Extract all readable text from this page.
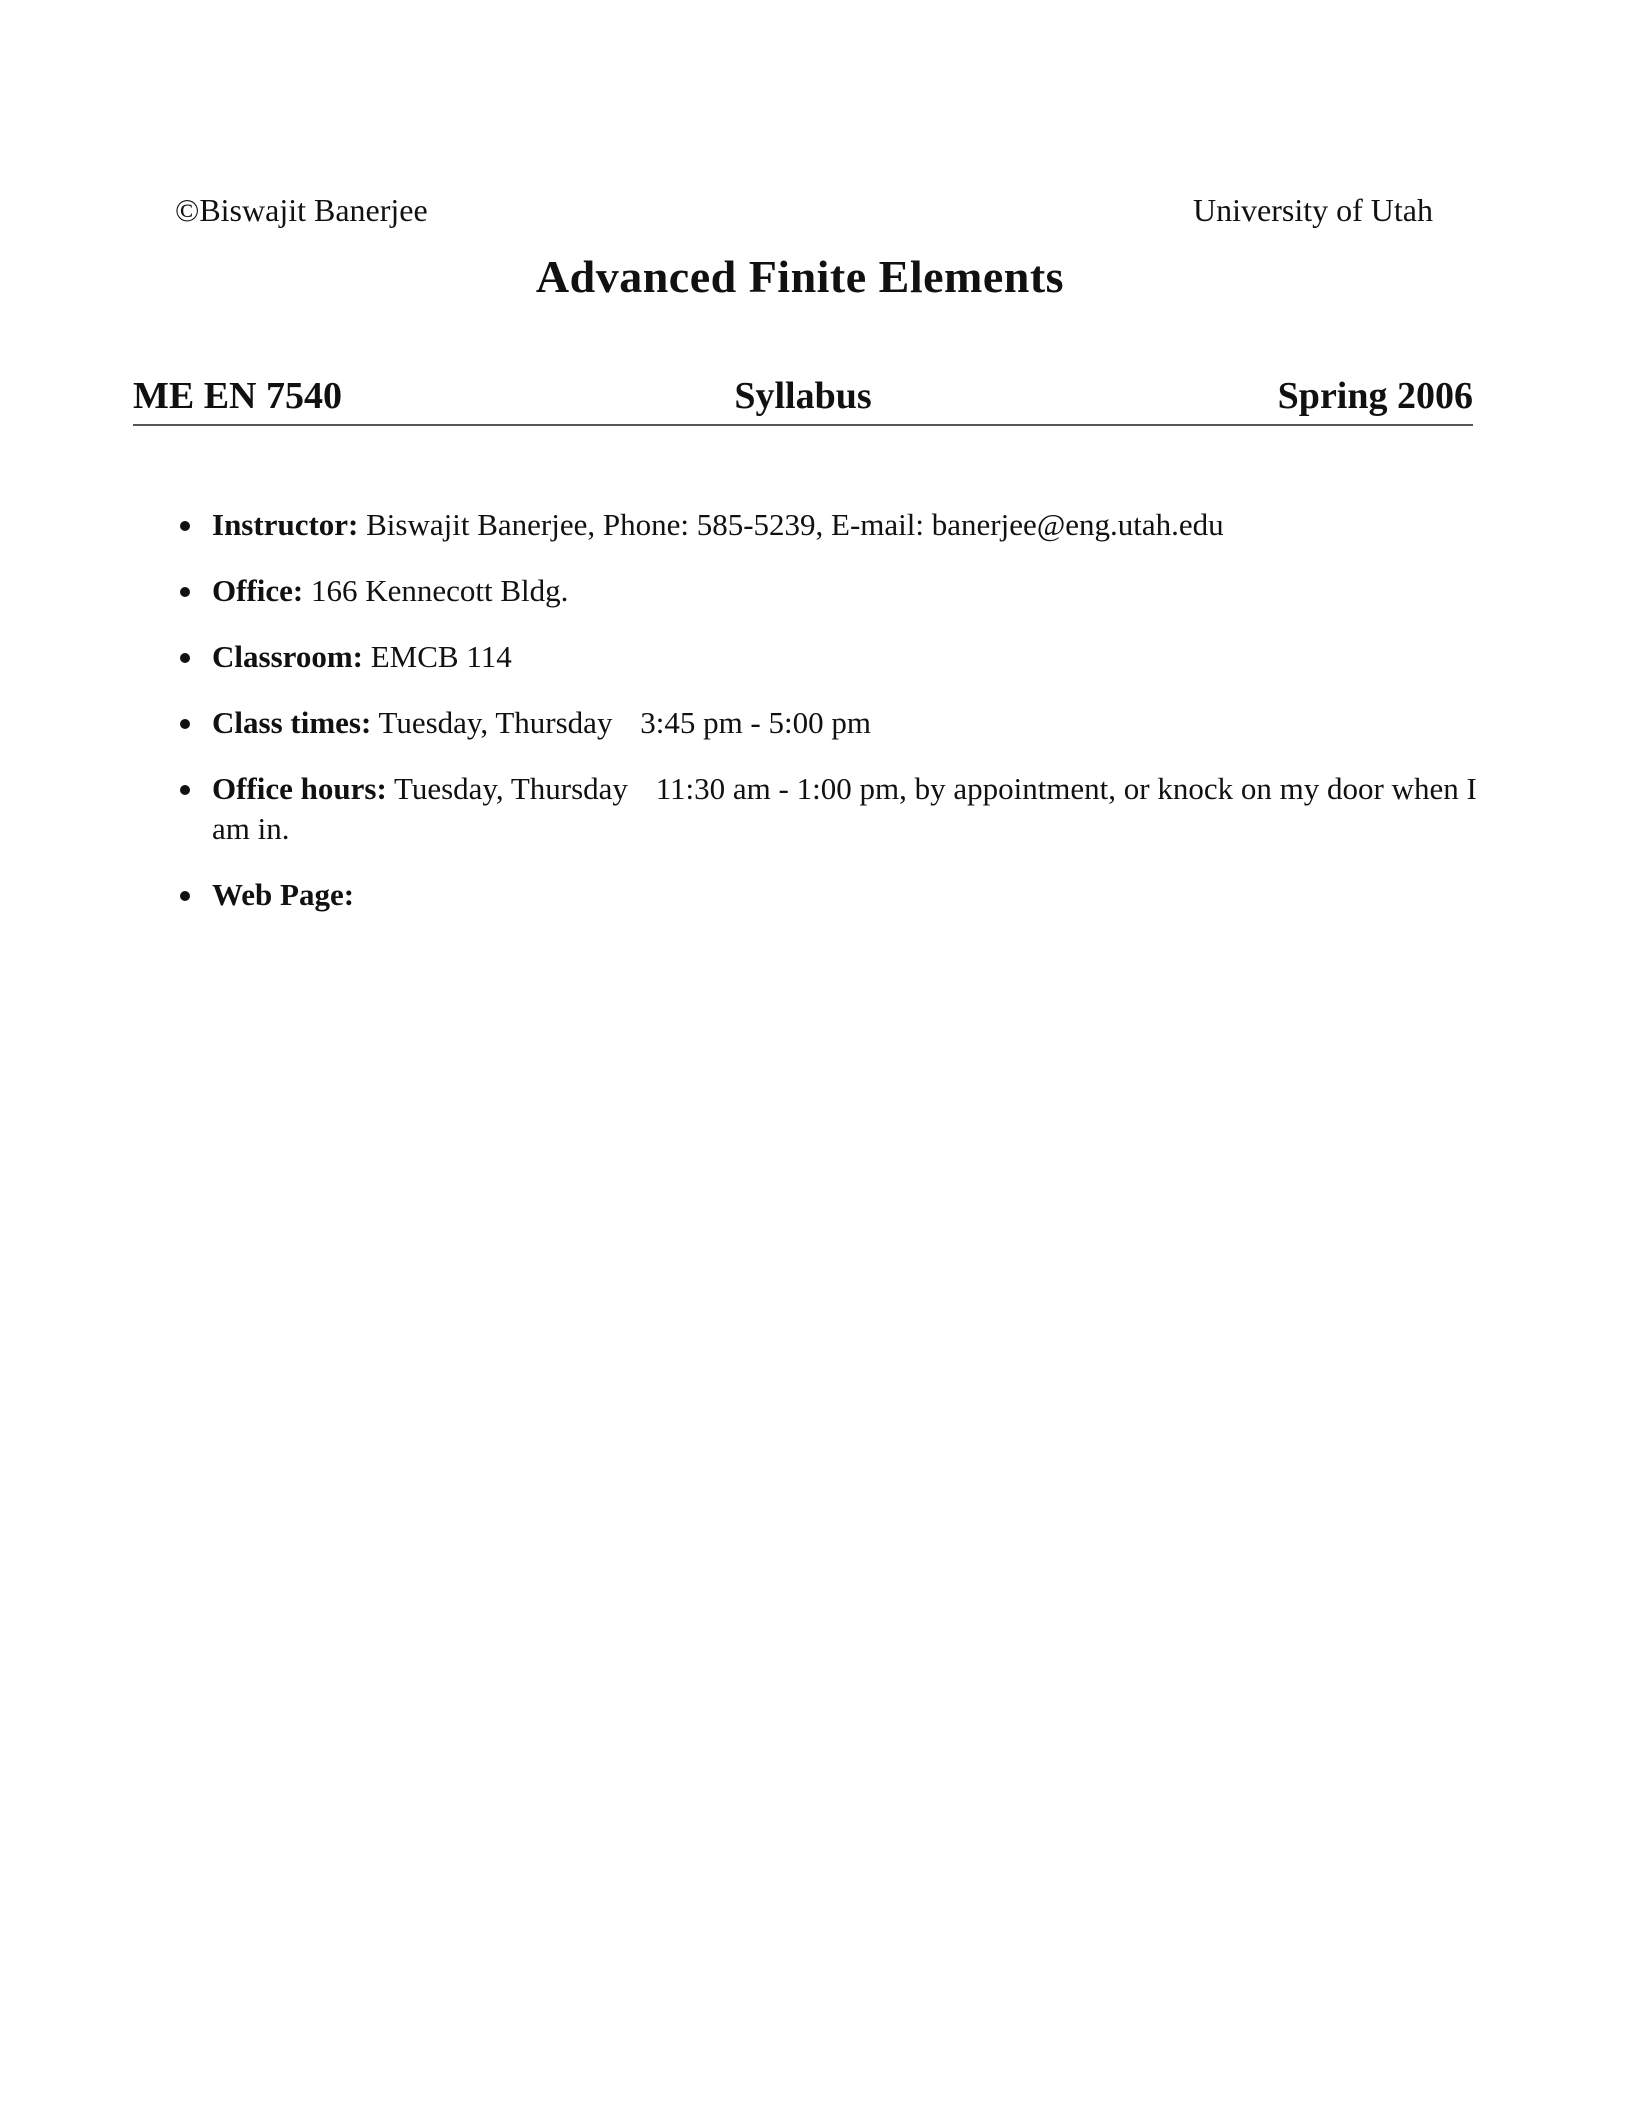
©Biswajit Banerjee	University of Utah
Advanced Finite Elements
ME EN 7540	Syllabus	Spring 2006
Instructor: Biswajit Banerjee, Phone: 585-5239, E-mail: banerjee@eng.utah.edu
Office: 166 Kennecott Bldg.
Classroom: EMCB 114
Class times: Tuesday, Thursday 3:45 pm - 5:00 pm
Office hours: Tuesday, Thursday 11:30 am - 1:00 pm, by appointment, or knock on my door when I am in.
Web Page:
